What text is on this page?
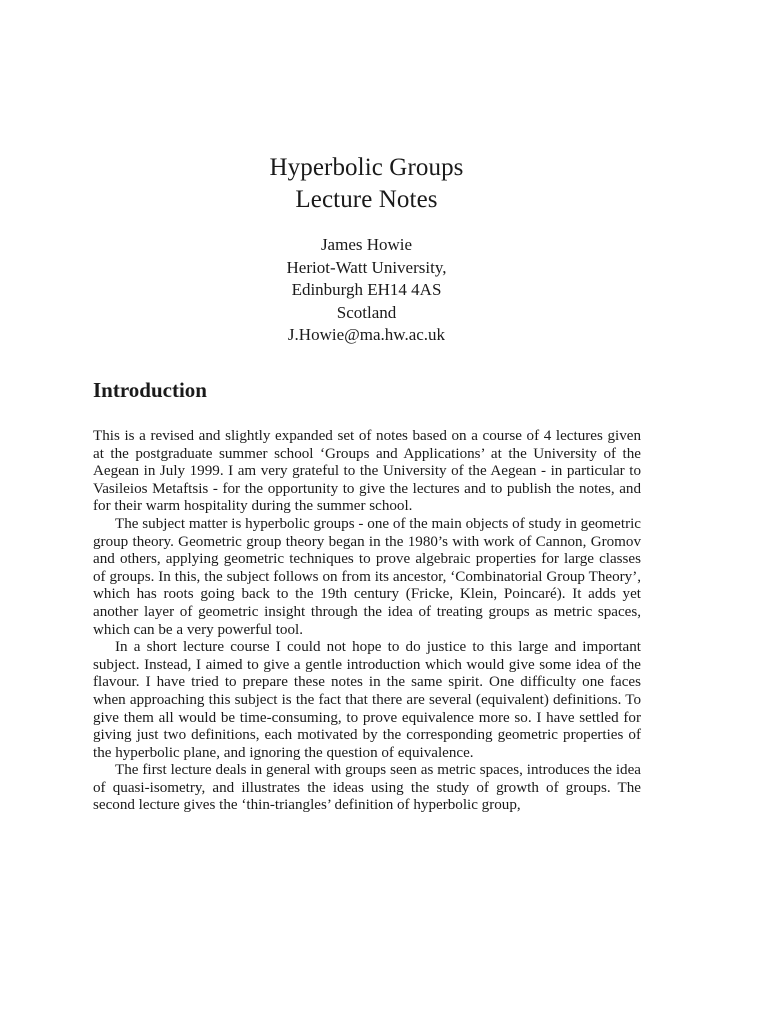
Hyperbolic Groups
Lecture Notes
James Howie
Heriot-Watt University,
Edinburgh EH14 4AS
Scotland
J.Howie@ma.hw.ac.uk
Introduction

This is a revised and slightly expanded set of notes based on a course of 4 lectures given at the postgraduate summer school ‘Groups and Applications’ at the University of the Aegean in July 1999. I am very grateful to the University of the Aegean - in particular to Vasileios Metaftsis - for the opportunity to give the lectures and to publish the notes, and for their warm hospitality during the summer school.

The subject matter is hyperbolic groups - one of the main objects of study in geometric group theory. Geometric group theory began in the 1980’s with work of Cannon, Gromov and others, applying geometric techniques to prove algebraic properties for large classes of groups. In this, the subject follows on from its ancestor, ‘Combinatorial Group Theory’, which has roots going back to the 19th century (Fricke, Klein, Poincaré). It adds yet another layer of geometric insight through the idea of treating groups as metric spaces, which can be a very powerful tool.

In a short lecture course I could not hope to do justice to this large and important subject. Instead, I aimed to give a gentle introduction which would give some idea of the flavour. I have tried to prepare these notes in the same spirit. One difficulty one faces when approaching this subject is the fact that there are several (equivalent) definitions. To give them all would be time-consuming, to prove equivalence more so. I have settled for giving just two definitions, each motivated by the corresponding geometric properties of the hyperbolic plane, and ignoring the question of equivalence.

The first lecture deals in general with groups seen as metric spaces, introduces the idea of quasi-isometry, and illustrates the ideas using the study of growth of groups. The second lecture gives the ‘thin-triangles’ definition of hyperbolic group,
